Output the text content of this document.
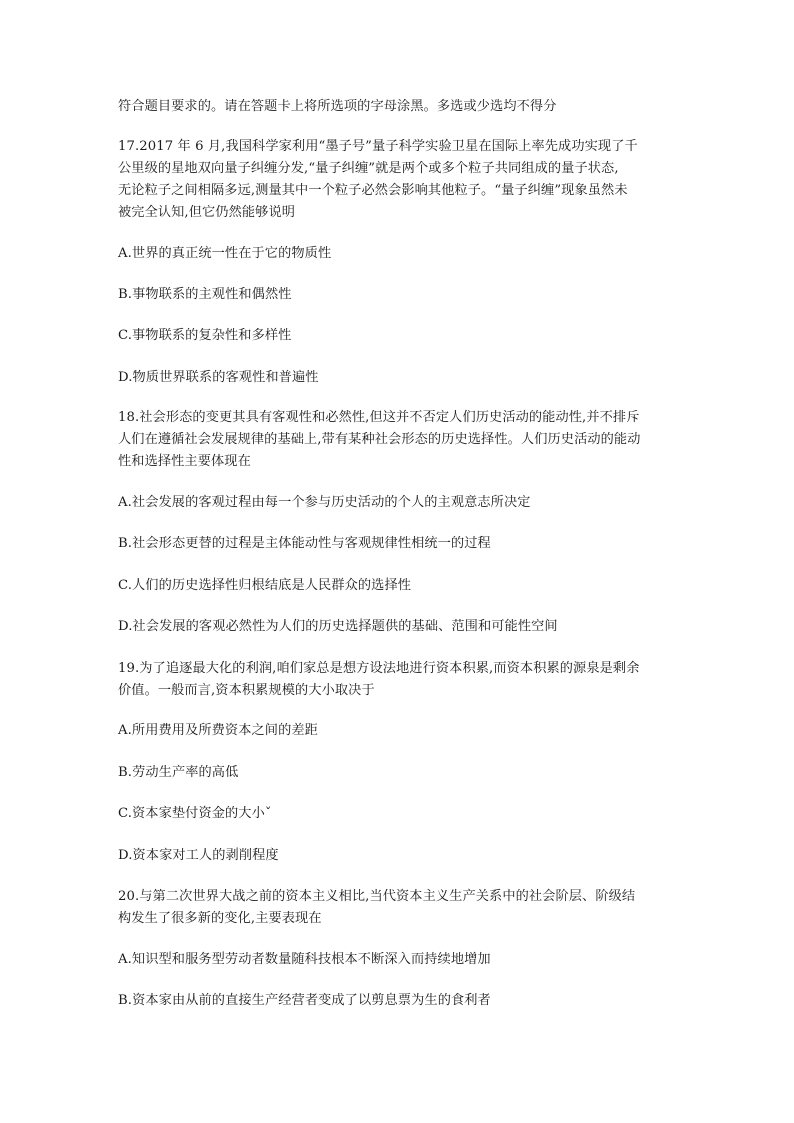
符合题目要求的。请在答题卡上将所选项的字母涂黑。多选或少选均不得分
17.2017 年 6 月,我国科学家利用“墨子号”量子科学实验卫星在国际上率先成功实现了千
公里级的星地双向量子纠缠分发,“量子纠缠”就是两个或多个粒子共同组成的量子状态,
无论粒子之间相隔多远,测量其中一个粒子必然会影响其他粒子。“量子纠缠”现象虽然未
被完全认知,但它仍然能够说明
A.世界的真正统一性在于它的物质性
B.事物联系的主观性和偶然性
C.事物联系的复杂性和多样性
D.物质世界联系的客观性和普遍性
18.社会形态的变更其具有客观性和必然性,但这并不否定人们历史活动的能动性,并不排斥
人们在遵循社会发展规律的基础上,带有某种社会形态的历史选择性。人们历史活动的能动
性和选择性主要体现在
A.社会发展的客观过程由每一个参与历史活动的个人的主观意志所决定
B.社会形态更替的过程是主体能动性与客观规律性相统一的过程
C.人们的历史选择性归根结底是人民群众的选择性
D.社会发展的客观必然性为人们的历史选择题供的基础、范围和可能性空间
19.为了追逐最大化的利润,咱们家总是想方设法地进行资本积累,而资本积累的源泉是剩余
价值。一般而言,资本积累规模的大小取决于
A.所用费用及所费资本之间的差距
B.劳动生产率的高低
C.资本家垫付资金的大小ˇ
D.资本家对工人的剥削程度
20.与第二次世界大战之前的资本主义相比,当代资本主义生产关系中的社会阶层、阶级结
构发生了很多新的变化,主要表现在
A.知识型和服务型劳动者数量随科技根本不断深入而持续地增加
B.资本家由从前的直接生产经营者变成了以剪息票为生的食利者
